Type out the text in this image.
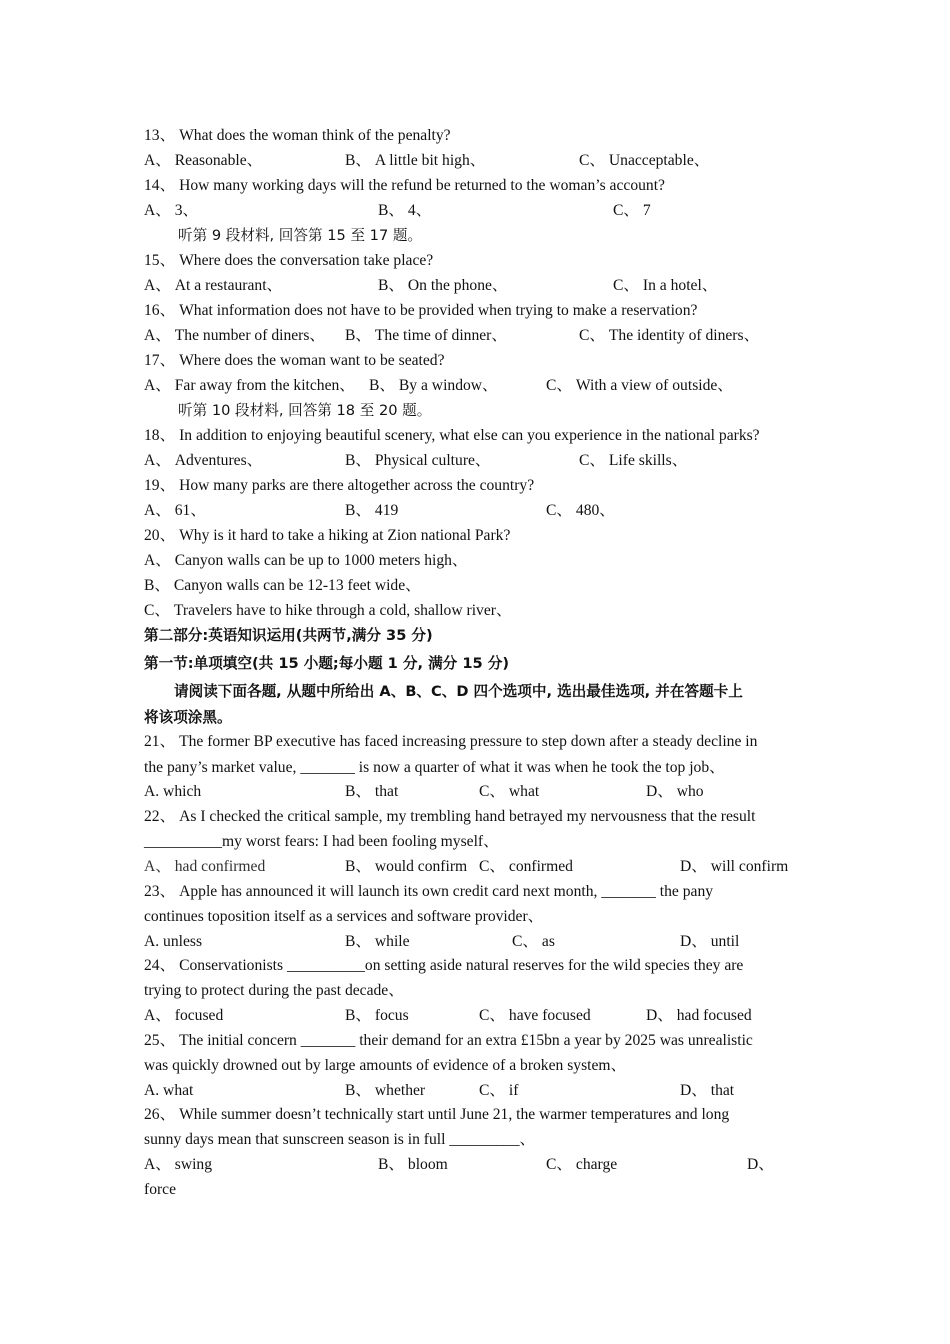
13、 What does the woman think of the penalty?
A、 Reasonable、	B、 A little bit high、	C、 Unacceptable、
14、 How many working days will the refund be returned to the woman’s account?
A、 3、	B、 4、	C、 7
听第 9 段材料, 回答第 15 至 17 题。
15、 Where does the conversation take place?
A、 At a restaurant、	B、 On the phone、	C、 In a hotel、
16、 What information does not have to be provided when trying to make a reservation?
A、 The number of diners、 B、 The time of dinner、	C、 The identity of diners、
17、 Where does the woman want to be seated?
A、 Far away from the kitchen、 B、 By a window、	C、 With a view of outside、
听第 10 段材料, 回答第 18 至 20 题。
18、 In addition to enjoying beautiful scenery, what else can you experience in the national parks?
A、 Adventures、	B、 Physical culture、	C、 Life skills、
19、 How many parks are there altogether across the country?
A、 61、	B、 419	C、 480、
20、 Why is it hard to take a hiking at Zion national Park?
A、 Canyon walls can be up to 1000 meters high、
B、 Canyon walls can be 12-13 feet wide、
C、 Travelers have to hike through a cold, shallow river、
第二部分:英语知识运用(共两节,满分 35 分)
第一节:单项填空(共 15 小题;每小题 1 分, 满分 15 分)
请阅读下面各题, 从题中所给出 A、B、C、D 四个选项中, 选出最佳选项, 并在答题卡上
将该项涂黑。
21、 The former BP executive has faced increasing pressure to step down after a steady decline in
the pany’s market value, _______ is now a quarter of what it was when he took the top job、
A. which	B、 that	C、 what	D、 who
22、 As I checked the critical sample, my trembling hand betrayed my nervousness that the result
__________my worst fears: I had been fooling myself、
A、 had confirmed	B、 would confirm C、 confirmed	D、 will confirm
23、 Apple has announced it will launch its own credit card next month, _______ the pany
continues toposition itself as a services and software provider、
A. unless	B、 while	C、 as	D、 until
24、 Conservationists __________on setting aside natural reserves for the wild species they are
trying to protect during the past decade、
A、 focused	B、 focus	C、 have focused	D、 had focused
25、 The initial concern _______ their demand for an extra £15bn a year by 2025 was unrealistic
was quickly drowned out by large amounts of evidence of a broken system、
A. what	B、 whether	C、 if	D、 that
26、 While summer doesn’t technically start until June 21, the warmer temperatures and long
sunny days mean that sunscreen season is in full _________、
A、 swing	B、 bloom	C、 charge	D、
force
